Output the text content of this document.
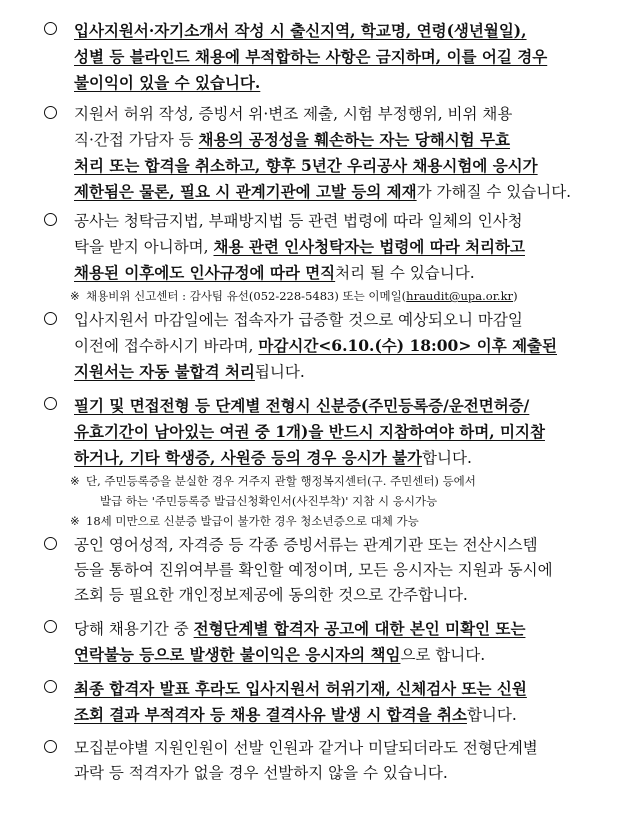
입사지원서·자기소개서 작성 시 출신지역, 학교명, 연령(생년월일),
성별 등 블라인드 채용에 부적합하는 사항은 금지하며, 이를 어길 경우
불이익이 있을 수 있습니다.
지원서 허위 작성, 증빙서 위·변조 제출, 시험 부정행위, 비위 채용
직·간접 가담자 등 채용의 공정성을 훼손하는 자는 당해시험 무효
처리 또는 합격을 취소하고, 향후 5년간 우리공사 채용시험에 응시가
제한됨은 물론, 필요 시 관계기관에 고발 등의 제재가 가해질 수 있습니다.
공사는 청탁금지법, 부패방지법 등 관련 법령에 따라 일체의 인사청
탁을 받지 아니하며, 채용 관련 인사청탁자는 법령에 따라 처리하고
채용된 이후에도 인사규정에 따라 면직처리 될 수 있습니다.
※ 채용비위 신고센터 : 감사팀 유선(052-228-5483) 또는 이메일(hraudit@upa.or.kr)
입사지원서 마감일에는 접속자가 급증할 것으로 예상되오니 마감일
이전에 접수하시기 바라며, 마감시간<6.10.(수) 18:00> 이후 제출된
지원서는 자동 불합격 처리됩니다.
필기 및 면접전형 등 단계별 전형시 신분증(주민등록증/운전면허증/
유효기간이 남아있는 여권 중 1개)을 반드시 지참하여야 하며, 미지참
하거나, 기타 학생증, 사원증 등의 경우 응시가 불가합니다.
※ 단, 주민등록증을 분실한 경우 거주지 관할 행정복지센터(구. 주민센터) 등에서
발급 하는 '주민등록증 발급신청확인서(사진부착)' 지참 시 응시가능
※ 18세 미만으로 신분증 발급이 불가한 경우 청소년증으로 대체 가능
공인 영어성적, 자격증 등 각종 증빙서류는 관계기관 또는 전산시스템
등을 통하여 진위여부를 확인할 예정이며, 모든 응시자는 지원과 동시에
조회 등 필요한 개인정보제공에 동의한 것으로 간주합니다.
당해 채용기간 중 전형단계별 합격자 공고에 대한 본인 미확인 또는
연락불능 등으로 발생한 불이익은 응시자의 책임으로 합니다.
최종 합격자 발표 후라도 입사지원서 허위기재, 신체검사 또는 신원
조회 결과 부적격자 등 채용 결격사유 발생 시 합격을 취소합니다.
모집분야별 지원인원이 선발 인원과 같거나 미달되더라도 전형단계별
과락 등 적격자가 없을 경우 선발하지 않을 수 있습니다.
